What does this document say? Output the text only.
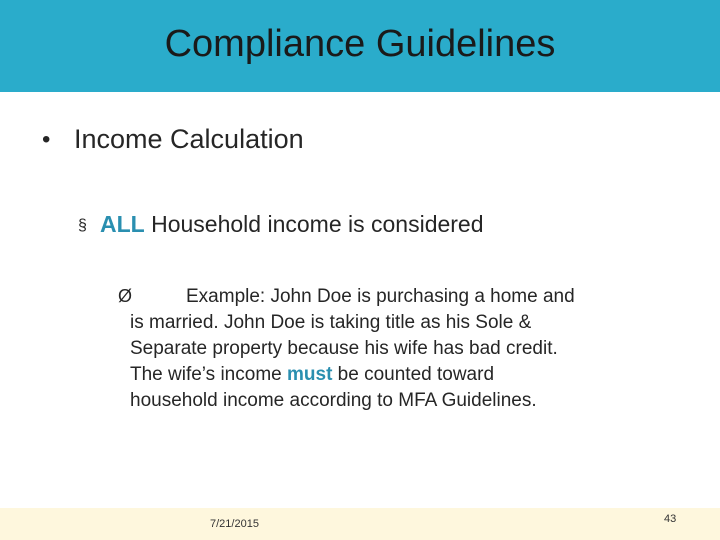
Compliance Guidelines
• Income Calculation
§ ALL Household income is considered
Ø	Example: John Doe is purchasing a home and
is married. John Doe is taking title as his Sole &
Separate property because his wife has bad credit.
The wife’s income must be counted toward
household income according to MFA Guidelines.
7/21/2015	43
